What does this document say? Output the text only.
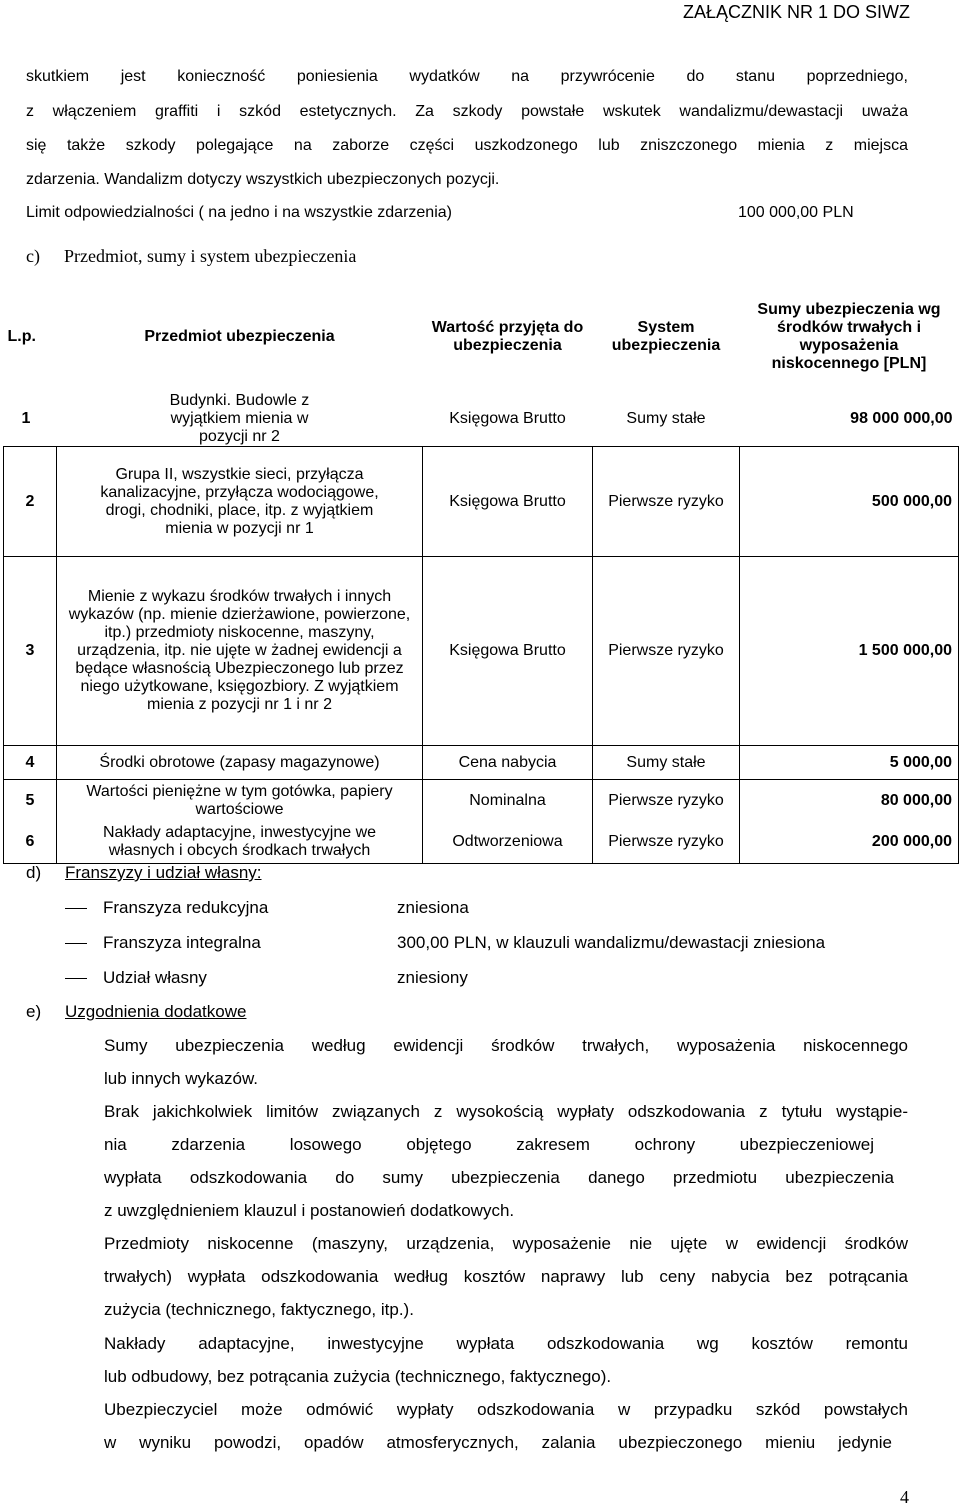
ZAŁĄCZNIK NR 1 DO SIWZ
skutkiem jest konieczność poniesienia wydatków na przywrócenie do stanu poprzedniego,
z włączeniem graffiti i szkód estetycznych. Za szkody powstałe wskutek wandalizmu/dewastacji uważa
się także szkody polegające na zaborze części uszkodzonego lub zniszczonego mienia z miejsca
zdarzenia. Wandalizm dotyczy wszystkich ubezpieczonych pozycji.
Limit odpowiedzialności ( na jedno i na wszystkie zdarzenia)	100 000,00 PLN
c) Przedmiot, sumy i system ubezpieczenia
L.p.	Przedmiot ubezpieczenia	Wartość przyjęta do ubezpieczenia	System ubezpieczenia	Sumy ubezpieczenia wg środków trwałych i wyposażenia niskocennego [PLN]
1	Budynki. Budowle z wyjątkiem mienia w pozycji nr 2	Księgowa Brutto	Sumy stałe	98 000 000,00
2	Grupa II, wszystkie sieci, przyłącza kanalizacyjne, przyłącza wodociągowe, drogi, chodniki, place, itp. z wyjątkiem mienia w pozycji nr 1	Księgowa Brutto	Pierwsze ryzyko	500 000,00
3	Mienie z wykazu środków trwałych i innych wykazów (np. mienie dzierżawione, powierzone, itp.) przedmioty niskocenne, maszyny, urządzenia, itp. nie ujęte w żadnej ewidencji a będące własnością Ubezpieczonego lub przez niego użytkowane, księgozbiory. Z wyjątkiem mienia z pozycji nr 1 i nr 2	Księgowa Brutto	Pierwsze ryzyko	1 500 000,00
4	Środki obrotowe (zapasy magazynowe)	Cena nabycia	Sumy stałe	5 000,00
5	Wartości pieniężne w tym gotówka, papiery wartościowe	Nominalna	Pierwsze ryzyko	80 000,00
6	Nakłady adaptacyjne, inwestycyjne we własnych i obcych środkach trwałych	Odtworzeniowa	Pierwsze ryzyko	200 000,00
d) Franszyzy i udział własny:
Franszyza redukcyjna	zniesiona
Franszyza integralna	300,00 PLN, w klauzuli wandalizmu/dewastacji zniesiona
Udział własny	zniesiony
e) Uzgodnienia dodatkowe
Sumy ubezpieczenia według ewidencji środków trwałych, wyposażenia niskocennego
lub innych wykazów.
Brak jakichkolwiek limitów związanych z wysokością wypłaty odszkodowania z tytułu wystąpie-
nia zdarzenia losowego objętego zakresem ochrony ubezpieczeniowej
wypłata odszkodowania do sumy ubezpieczenia danego przedmiotu ubezpieczenia
z uwzględnieniem klauzul i postanowień dodatkowych.
Przedmioty niskocenne (maszyny, urządzenia, wyposażenie nie ujęte w ewidencji środków
trwałych) wypłata odszkodowania według kosztów naprawy lub ceny nabycia bez potrącania
zużycia (technicznego, faktycznego, itp.).
Nakłady adaptacyjne, inwestycyjne wypłata odszkodowania wg kosztów remontu
lub odbudowy, bez potrącania zużycia (technicznego, faktycznego).
Ubezpieczyciel może odmówić wypłaty odszkodowania w przypadku szkód powstałych
w wyniku powodzi, opadów atmosferycznych, zalania ubezpieczonego mieniu jedynie
4
